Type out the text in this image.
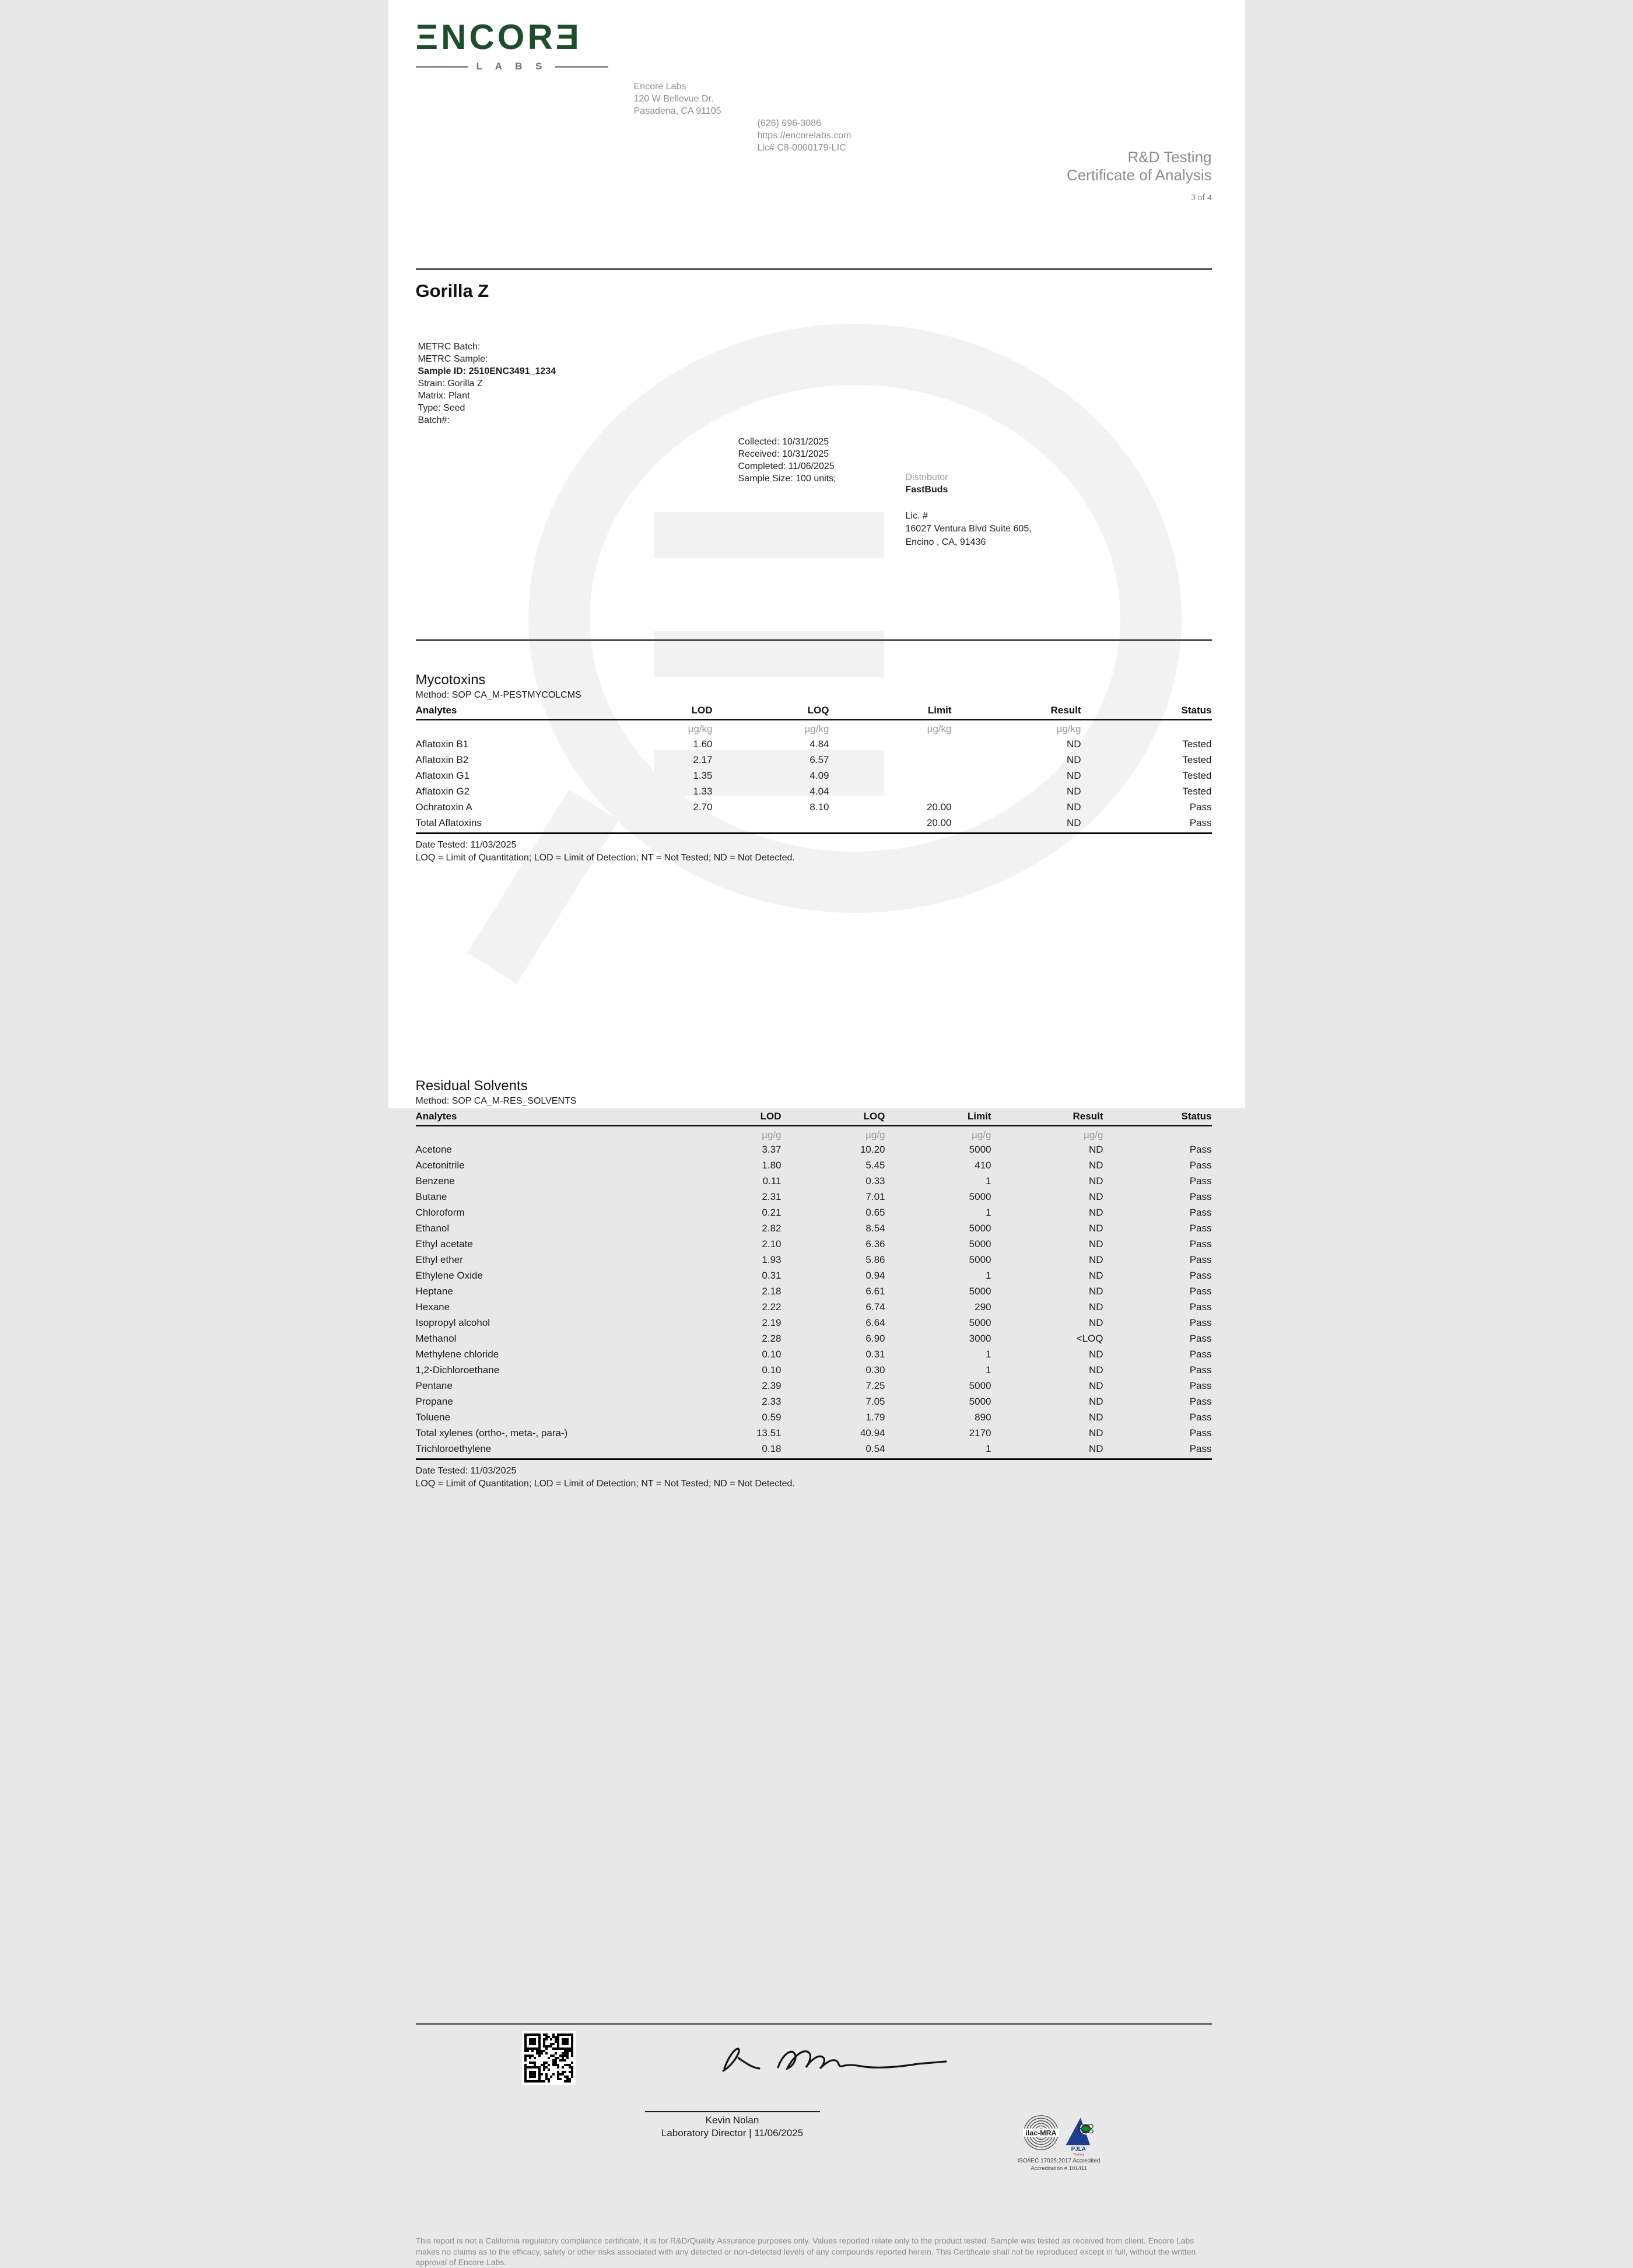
ΞNCORƎ
L A B S
Encore Labs
120 W Bellevue Dr.
Pasadena, CA 91105
(626) 696-3086
https://encorelabs.com
Lic# C8-0000179-LIC
R&D Testing
Certificate of Analysis
3 of 4
Gorilla Z
METRC Batch:
METRC Sample:
Sample ID: 2510ENC3491_1234
Strain: Gorilla Z
Matrix: Plant
Type: Seed
Batch#:
Collected: 10/31/2025
Received: 10/31/2025
Completed: 11/06/2025
Sample Size: 100 units;	Distributor
FastBuds
Lic. #
16027 Ventura Blvd Suite 605,
Encino , CA, 91436
Mycotoxins
Method: SOP CA_M-PESTMYCOLCMS
Analytes	LOD	LOQ	Limit	Result	Status
	µg/kg	µg/kg	µg/kg	µg/kg	
Aflatoxin B1	1.60	4.84		ND	Tested
Aflatoxin B2	2.17	6.57		ND	Tested
Aflatoxin G1	1.35	4.09		ND	Tested
Aflatoxin G2	1.33	4.04		ND	Tested
Ochratoxin A	2.70	8.10	20.00	ND	Pass
Total Aflatoxins			20.00	ND	Pass
Date Tested: 11/03/2025
LOQ = Limit of Quantitation; LOD = Limit of Detection; NT = Not Tested; ND = Not Detected.
Residual Solvents
Method: SOP CA_M-RES_SOLVENTS
Analytes	LOD	LOQ	Limit	Result	Status
	µg/g	µg/g	µg/g	µg/g	
Acetone	3.37	10.20	5000	ND	Pass
Acetonitrile	1.80	5.45	410	ND	Pass
Benzene	0.11	0.33	1	ND	Pass
Butane	2.31	7.01	5000	ND	Pass
Chloroform	0.21	0.65	1	ND	Pass
Ethanol	2.82	8.54	5000	ND	Pass
Ethyl acetate	2.10	6.36	5000	ND	Pass
Ethyl ether	1.93	5.86	5000	ND	Pass
Ethylene Oxide	0.31	0.94	1	ND	Pass
Heptane	2.18	6.61	5000	ND	Pass
Hexane	2.22	6.74	290	ND	Pass
Isopropyl alcohol	2.19	6.64	5000	ND	Pass
Methanol	2.28	6.90	3000	<LOQ	Pass
Methylene chloride	0.10	0.31	1	ND	Pass
1,2-Dichloroethane	0.10	0.30	1	ND	Pass
Pentane	2.39	7.25	5000	ND	Pass
Propane	2.33	7.05	5000	ND	Pass
Toluene	0.59	1.79	890	ND	Pass
Total xylenes (ortho-, meta-, para-)	13.51	40.94	2170	ND	Pass
Trichloroethylene	0.18	0.54	1	ND	Pass
Date Tested: 11/03/2025
LOQ = Limit of Quantitation; LOD = Limit of Detection; NT = Not Tested; ND = Not Detected.

Kevin Nolan
Laboratory Director | 11/06/2025	ilac-MRA
PJLA
Testing
ISO/IEC 17025:2017 Accredited
Accreditation # 101411
This report is not a California regulatory compliance certificate, it is for R&D/Quality Assurance purposes only. Values reported relate only to the product tested. Sample was tested as received from client. Encore Labs makes no claims as to the efficacy, safety or other risks associated with any detected or non-detected levels of any compounds reported herein. This Certificate shall not be reproduced except in full, without the written approval of Encore Labs.
